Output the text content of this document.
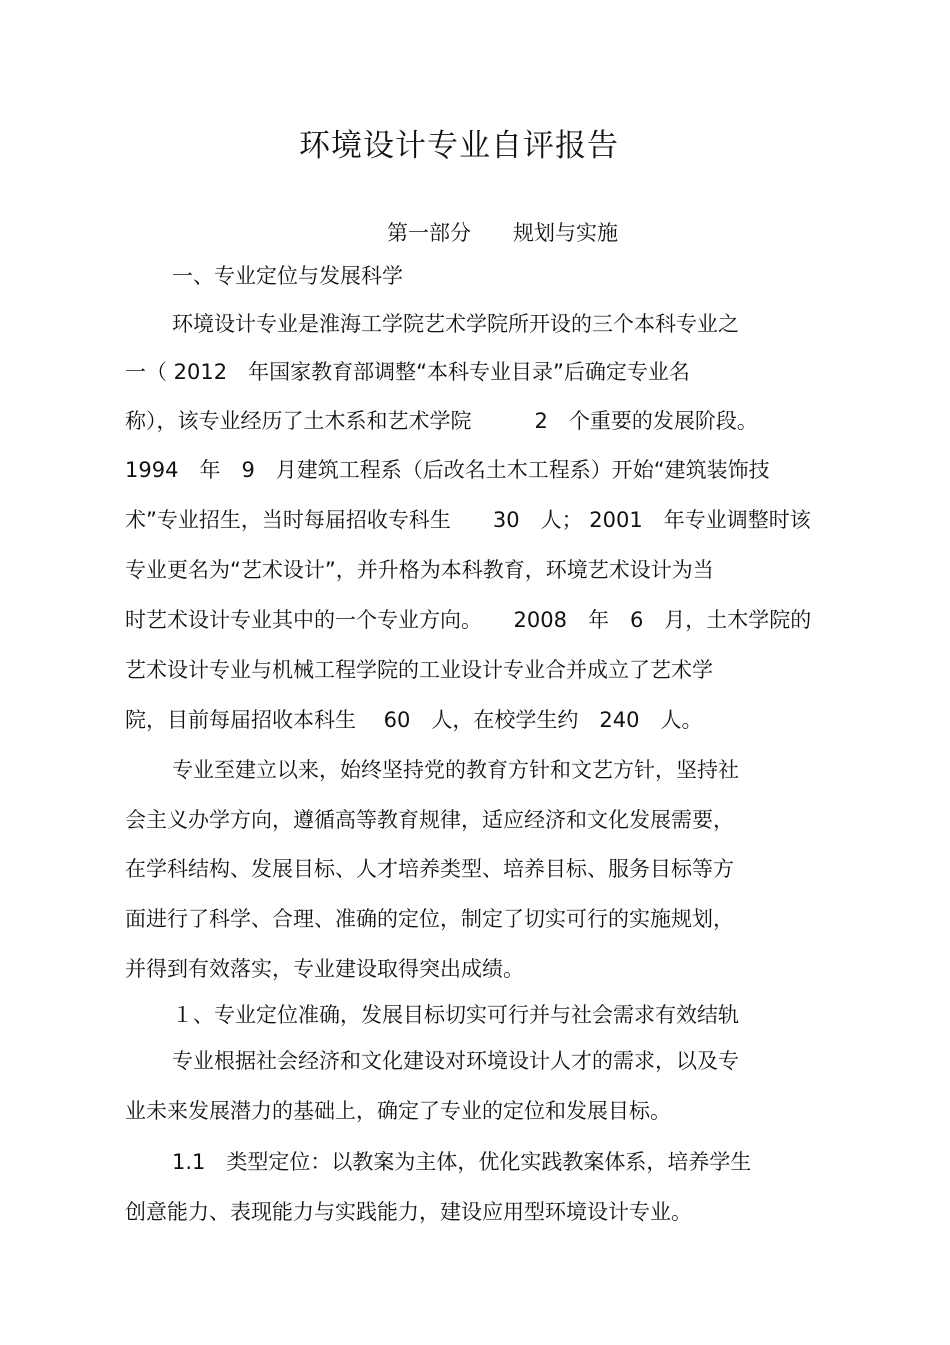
环境设计专业自评报告
第一部分　　规划与实施
一、专业定位与发展科学
环境设计专业是淮海工学院艺术学院所开设的三个本科专业之
一（ 2012　年国家教育部调整“本科专业目录”后确定专业名
称），该专业经历了土木系和艺术学院　　　2　个重要的发展阶段。
1994　年　9　月建筑工程系（后改名土木工程系）开始“建筑装饰技
术”专业招生，当时每届招收专科生　　30　人； 2001　年专业调整时该
专业更名为“艺术设计”，并升格为本科教育，环境艺术设计为当
时艺术设计专业其中的一个专业方向。　　2008　年　6　月，土木学院的
艺术设计专业与机械工程学院的工业设计专业合并成立了艺术学
院，目前每届招收本科生　 60　人，在校学生约　240　人。
专业至建立以来，始终坚持党的教育方针和文艺方针，坚持社
会主义办学方向，遵循高等教育规律，适应经济和文化发展需要，
在学科结构、发展目标、人才培养类型、培养目标、服务目标等方
面进行了科学、合理、准确的定位，制定了切实可行的实施规划，
并得到有效落实，专业建设取得突出成绩。
１、专业定位准确，发展目标切实可行并与社会需求有效结轨
专业根据社会经济和文化建设对环境设计人才的需求，以及专
业未来发展潜力的基础上，确定了专业的定位和发展目标。
1.1　类型定位：以教案为主体，优化实践教案体系，培养学生
创意能力、表现能力与实践能力，建设应用型环境设计专业。
